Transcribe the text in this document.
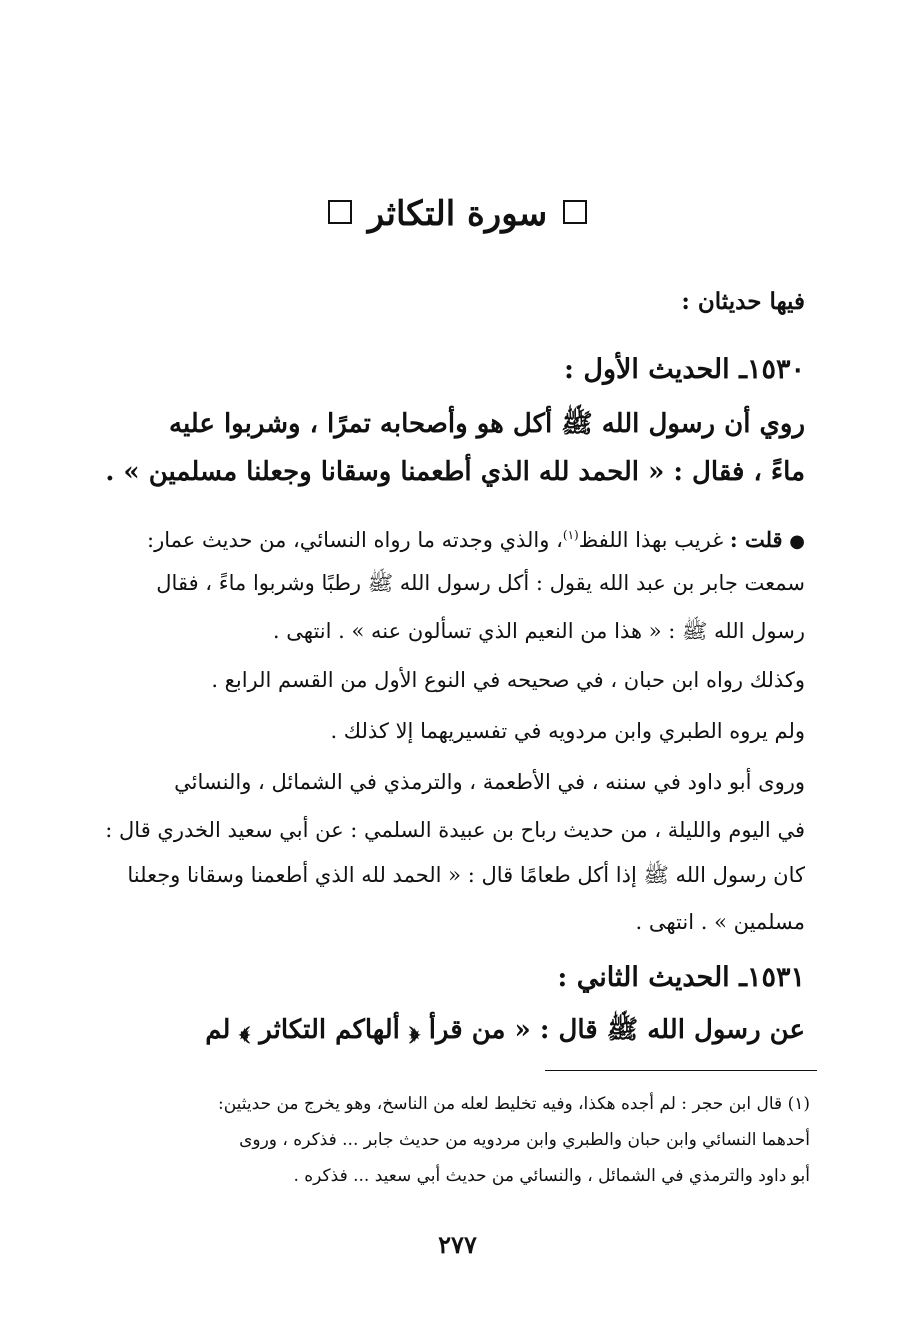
سورة التكاثر
فيها حديثان :
١٥٣٠ـ الحديث الأول :
روي أن رسول الله ﷺ أكل هو وأصحابه تمرًا ، وشربوا عليه
ماءً ، فقال : « الحمد لله الذي أطعمنا وسقانا وجعلنا مسلمين » .
● قلت : غريب بهذا اللفظ$^{(١)}$، والذي وجدته ما رواه النسائي، من حديث عمار:
سمعت جابر بن عبد الله يقول : أكل رسول الله ﷺ رطبًا وشربوا ماءً ، فقال
رسول الله ﷺ : « هذا من النعيم الذي تسألون عنه » . انتهى .
وكذلك رواه ابن حبان ، في صحيحه في النوع الأول من القسم الرابع .
ولم يروه الطبري وابن مردويه في تفسيريهما إلا كذلك .
وروى أبو داود في سننه ، في الأطعمة ، والترمذي في الشمائل ، والنسائي
في اليوم والليلة ، من حديث رباح بن عبيدة السلمي : عن أبي سعيد الخدري قال :
كان رسول الله ﷺ إذا أكل طعامًا قال : « الحمد لله الذي أطعمنا وسقانا وجعلنا
مسلمين » . انتهى .
١٥٣١ـ الحديث الثاني :
عن رسول الله ﷺ قال : « من قرأ ﴿ ألهاكم التكاثر ﴾ لم
(١) قال ابن حجر : لم أجده هكذا، وفيه تخليط لعله من الناسخ، وهو يخرج من حديثين:
أحدهما النسائي وابن حبان والطبري وابن مردويه من حديث جابر ... فذكره ، وروى
أبو داود والترمذي في الشمائل ، والنسائي من حديث أبي سعيد ... فذكره .
٢٧٧
